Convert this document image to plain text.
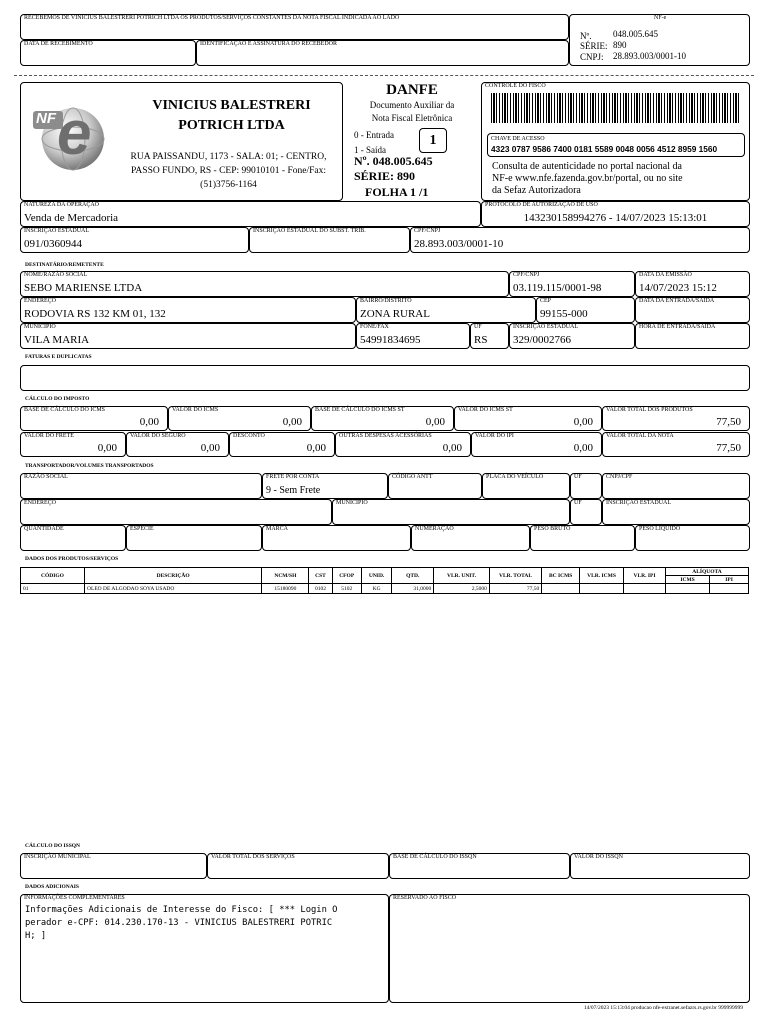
RECEBEMOS DE VINICIUS BALESTRERI POTRICH LTDA OS PRODUTOS/SERVIÇOS CONSTANTES DA NOTA FISCAL INDICADA AO LADO
DATA DE RECEBIMENTO	IDENTIFICAÇÃO E ASSINATURA DO RECEBEDOR
NF-e
Nº. 048.005.645
SÉRIE: 890
CNPJ: 28.893.003/0001-10
NF e	VINICIUS BALESTRERI
POTRICH LTDA
RUA PAISSANDU, 1173 - SALA: 01; - CENTRO,
PASSO FUNDO, RS - CEP: 99010101 - Fone/Fax:
(51)3756-1164
DANFE
Documento Auxiliar da
Nota Fiscal Eletrônica
0 - Entrada
1 - Saída
1
Nº. 048.005.645
SÉRIE: 890
FOLHA 1 /1
CONTROLE DO FISCO
CHAVE DE ACESSO
4323 0787 9586 7400 0181 5589 0048 0056 4512 8959 1560
Consulta de autenticidade no portal nacional da
NF-e www.nfe.fazenda.gov.br/portal, ou no site
da Sefaz Autorizadora
NATUREZA DA OPERAÇÃO
Venda de Mercadoria
PROTOCOLO DE AUTORIZAÇÃO DE USO
143230158994276 - 14/07/2023 15:13:01
INSCRIÇÃO ESTADUAL
091/0360944
INSCRIÇÃO ESTADUAL DO SUBST. TRIB.	CPF/CNPJ
28.893.003/0001-10
DESTINATÁRIO/REMETENTE
NOME/RAZÃO SOCIAL
SEBO MARIENSE LTDA
CPF/CNPJ
03.119.115/0001-98
DATA DA EMISSÃO
14/07/2023 15:12
ENDEREÇO
RODOVIA RS 132 KM 01, 132
BAIRRO/DISTRITO
ZONA RURAL
CEP
99155-000
DATA DA ENTRADA/SAÍDA
MUNICÍPIO
VILA MARIA
FONE/FAX
54991834695
UF
RS
INSCRIÇÃO ESTADUAL
329/0002766
HORA DE ENTRADA/SAÍDA
FATURAS E DUPLICATAS
CÁLCULO DO IMPOSTO
BASE DE CÁLCULO DO ICMS
0,00
VALOR DO ICMS
0,00
BASE DE CÁLCULO DO ICMS ST
0,00
VALOR DO ICMS ST
0,00
VALOR TOTAL DOS PRODUTOS
77,50
VALOR DO FRETE
0,00
VALOR DO SEGURO
0,00
DESCONTO
0,00
OUTRAS DESPESAS ACESSÓRIAS
0,00
VALOR DO IPI
0,00
VALOR TOTAL DA NOTA
77,50
TRANSPORTADOR/VOLUMES TRANSPORTADOS
RAZÃO SOCIAL	FRETE POR CONTA
9 - Sem Frete
CÓDIGO ANTT	PLACA DO VEÍCULO	UF	CNPJ/CPF
ENDEREÇO	MUNICÍPIO	UF	INSCRIÇÃO ESTADUAL
QUANTIDADE	ESPÉCIE	MARCA	NUMERAÇÃO	PESO BRUTO	PESO LÍQUIDO
DADOS DOS PRODUTOS/SERVIÇOS
CÓDIGO	DESCRIÇÃO	NCM/SH	CST	CFOP	UNID.	QTD.	VLR. UNIT.	VLR. TOTAL	BC ICMS	VLR. ICMS	VLR. IPI	ALÍQUOTA	
												ICMS	IPI
01	OLEO DE ALGODAO SOYA USADO	15180090	0102	5102	KG	31,0000	2,5000	77,50					
CÁLCULO DO ISSQN
INSCRIÇÃO MUNICIPAL	VALOR TOTAL DOS SERVIÇOS	BASE DE CÁLCULO DO ISSQN	VALOR DO ISSQN
DADOS ADICIONAIS
INFORMAÇÕES COMPLEMENTARES
Informações Adicionais de Interesse do Fisco: [ *** Login O
perador e-CPF: 014.230.170-13 - VINICIUS BALESTRERI POTRIC
H; ]
RESERVADO AO FISCO
14/07/2023 15:13:04 producao nfe-extranet.sefazrs.rs.gov.br 999999999
